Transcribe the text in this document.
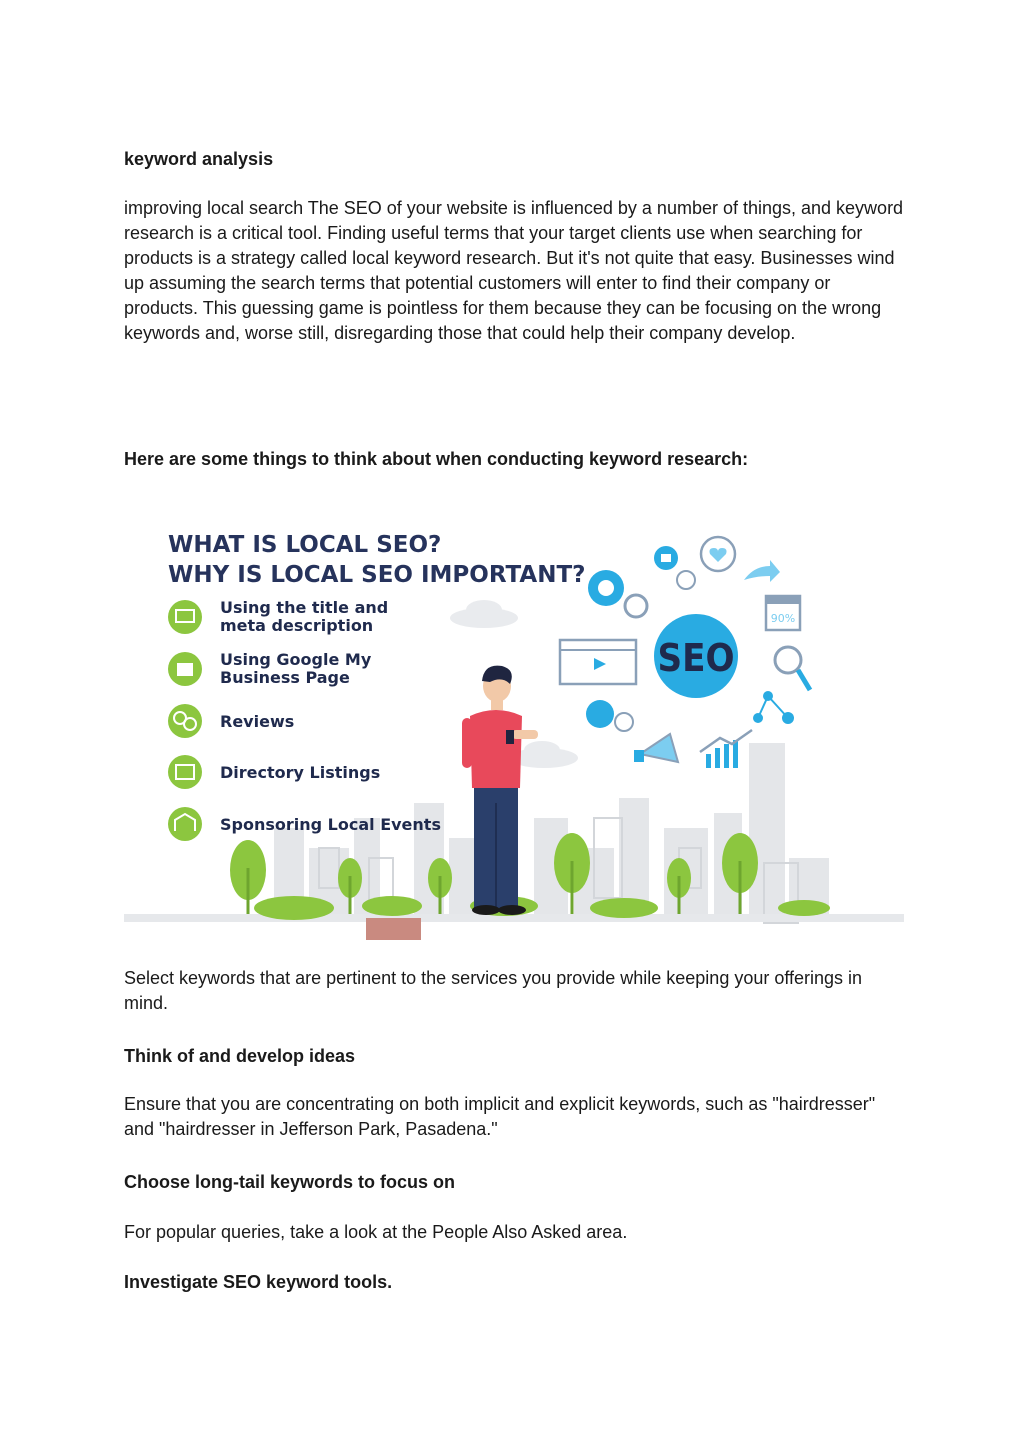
keyword analysis

improving local search The SEO of your website is influenced by a number of things, and keyword research is a critical tool. Finding useful terms that your target clients use when searching for products is a strategy called local keyword research. But it's not quite that easy. Businesses wind up assuming the search terms that potential customers will enter to find their company or products. This guessing game is pointless for them because they can be focusing on the wrong keywords and, worse still, disregarding those that could help their company develop.

Here are some things to think about when conducting keyword research:

SEO
90%
WHAT IS LOCAL SEO?
WHY IS LOCAL SEO IMPORTANT?
Using the title and
meta description
Using Google My
Business Page
Reviews
Directory Listings
Sponsoring Local Events

Select keywords that are pertinent to the services you provide while keeping your offerings in mind.

Think of and develop ideas

Ensure that you are concentrating on both implicit and explicit keywords, such as "hairdresser" and "hairdresser in Jefferson Park, Pasadena."

Choose long-tail keywords to focus on

For popular queries, take a look at the People Also Asked area.

Investigate SEO keyword tools.
